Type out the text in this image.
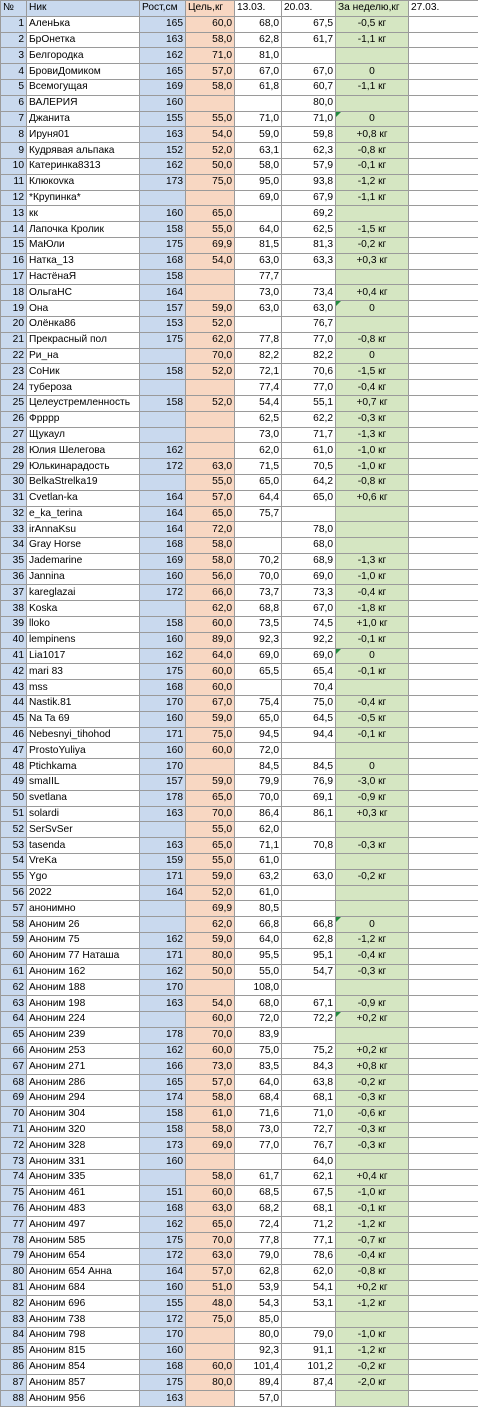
№	Ник	Рост,см	Цель,кг	13.03.	20.03.	За неделю,кг	27.03.
1	АленЬка	165	60,0	68,0	67,5	-0,5 кг	
2	БрОнетка	163	58,0	62,8	61,7	-1,1 кг	
3	Белгородка	162	71,0	81,0			
4	БровиДомиком	165	57,0	67,0	67,0	0	
5	Всемогущая	169	58,0	61,8	60,7	-1,1 кг	
6	ВАЛЕРИЯ	160			80,0		
7	Джанита	155	55,0	71,0	71,0	0	
8	Ируня01	163	54,0	59,0	59,8	+0,8 кг	
9	Кудрявая альпака	152	52,0	63,1	62,3	-0,8 кг	
10	Катеринка8313	162	50,0	58,0	57,9	-0,1 кг	
11	Клюкоvка	173	75,0	95,0	93,8	-1,2 кг	
12	*Крупинка*			69,0	67,9	-1,1 кг	
13	кк	160	65,0		69,2		
14	Лапочка Кролик	158	55,0	64,0	62,5	-1,5 кг	
15	МаЮли	175	69,9	81,5	81,3	-0,2 кг	
16	Натка_13	168	54,0	63,0	63,3	+0,3 кг	
17	НастёнаЯ	158		77,7			
18	ОльгаНС	164		73,0	73,4	+0,4 кг	
19	Она	157	59,0	63,0	63,0	0	
20	Олёнка86	153	52,0		76,7		
21	Прекрасный пол	175	62,0	77,8	77,0	-0,8 кг	
22	Ри_на		70,0	82,2	82,2	0	
23	СоНик	158	52,0	72,1	70,6	-1,5 кг	
24	тубероза			77,4	77,0	-0,4 кг	
25	Целеустремленность	158	52,0	54,4	55,1	+0,7 кг	
26	Фрррр			62,5	62,2	-0,3 кг	
27	Щукаул			73,0	71,7	-1,3 кг	
28	Юлия Шелегова	162		62,0	61,0	-1,0 кг	
29	Юлькинарадость	172	63,0	71,5	70,5	-1,0 кг	
30	BelkaStrelka19		55,0	65,0	64,2	-0,8 кг	
31	Cvetlan-ka	164	57,0	64,4	65,0	+0,6 кг	
32	e_ka_terina	164	65,0	75,7			
33	irAnnaKsu	164	72,0		78,0		
34	Gray Horse	168	58,0		68,0		
35	Jademarine	169	58,0	70,2	68,9	-1,3 кг	
36	Jannina	160	56,0	70,0	69,0	-1,0 кг	
37	kareglazai	172	66,0	73,7	73,3	-0,4 кг	
38	Koska		62,0	68,8	67,0	-1,8 кг	
39	lloko	158	60,0	73,5	74,5	+1,0 кг	
40	lempinens	160	89,0	92,3	92,2	-0,1 кг	
41	Lia1017	162	64,0	69,0	69,0	0	
42	mari 83	175	60,0	65,5	65,4	-0,1 кг	
43	mss	168	60,0		70,4		
44	Nastik.81	170	67,0	75,4	75,0	-0,4 кг	
45	Na Ta 69	160	59,0	65,0	64,5	-0,5 кг	
46	Nebesnyi_tihohod	171	75,0	94,5	94,4	-0,1 кг	
47	ProstoYuliya	160	60,0	72,0			
48	Ptichkama	170		84,5	84,5	0	
49	smaIIL	157	59,0	79,9	76,9	-3,0 кг	
50	svetlana	178	65,0	70,0	69,1	-0,9 кг	
51	solardi	163	70,0	86,4	86,1	+0,3 кг	
52	SerSvSer		55,0	62,0			
53	tasenda	163	65,0	71,1	70,8	-0,3 кг	
54	VreKa	159	55,0	61,0			
55	Ygo	171	59,0	63,2	63,0	-0,2 кг	
56	2022	164	52,0	61,0			
57	анонимно		69,9	80,5			
58	Аноним 26		62,0	66,8	66,8	0	
59	Аноним 75	162	59,0	64,0	62,8	-1,2 кг	
60	Аноним 77 Наташа	171	80,0	95,5	95,1	-0,4 кг	
61	Аноним 162	162	50,0	55,0	54,7	-0,3 кг	
62	Аноним 188	170		108,0			
63	Аноним 198	163	54,0	68,0	67,1	-0,9 кг	
64	Аноним 224		60,0	72,0	72,2	+0,2 кг	
65	Аноним 239	178	70,0	83,9			
66	Аноним 253	162	60,0	75,0	75,2	+0,2 кг	
67	Аноним 271	166	73,0	83,5	84,3	+0,8 кг	
68	Аноним 286	165	57,0	64,0	63,8	-0,2 кг	
69	Аноним 294	174	58,0	68,4	68,1	-0,3 кг	
70	Аноним 304	158	61,0	71,6	71,0	-0,6 кг	
71	Аноним 320	158	58,0	73,0	72,7	-0,3 кг	
72	Аноним 328	173	69,0	77,0	76,7	-0,3 кг	
73	Аноним 331	160			64,0		
74	Аноним 335		58,0	61,7	62,1	+0,4 кг	
75	Аноним 461	151	60,0	68,5	67,5	-1,0 кг	
76	Аноним 483	168	63,0	68,2	68,1	-0,1 кг	
77	Аноним 497	162	65,0	72,4	71,2	-1,2 кг	
78	Аноним 585	175	70,0	77,8	77,1	-0,7 кг	
79	Аноним 654	172	63,0	79,0	78,6	-0,4 кг	
80	Аноним 654 Анна	164	57,0	62,8	62,0	-0,8 кг	
81	Аноним 684	160	51,0	53,9	54,1	+0,2 кг	
82	Аноним 696	155	48,0	54,3	53,1	-1,2 кг	
83	Аноним 738	172	75,0	85,0			
84	Аноним 798	170		80,0	79,0	-1,0 кг	
85	Аноним 815	160		92,3	91,1	-1,2 кг	
86	Аноним 854	168	60,0	101,4	101,2	-0,2 кг	
87	Аноним 857	175	80,0	89,4	87,4	-2,0 кг	
88	Аноним 956	163		57,0			
